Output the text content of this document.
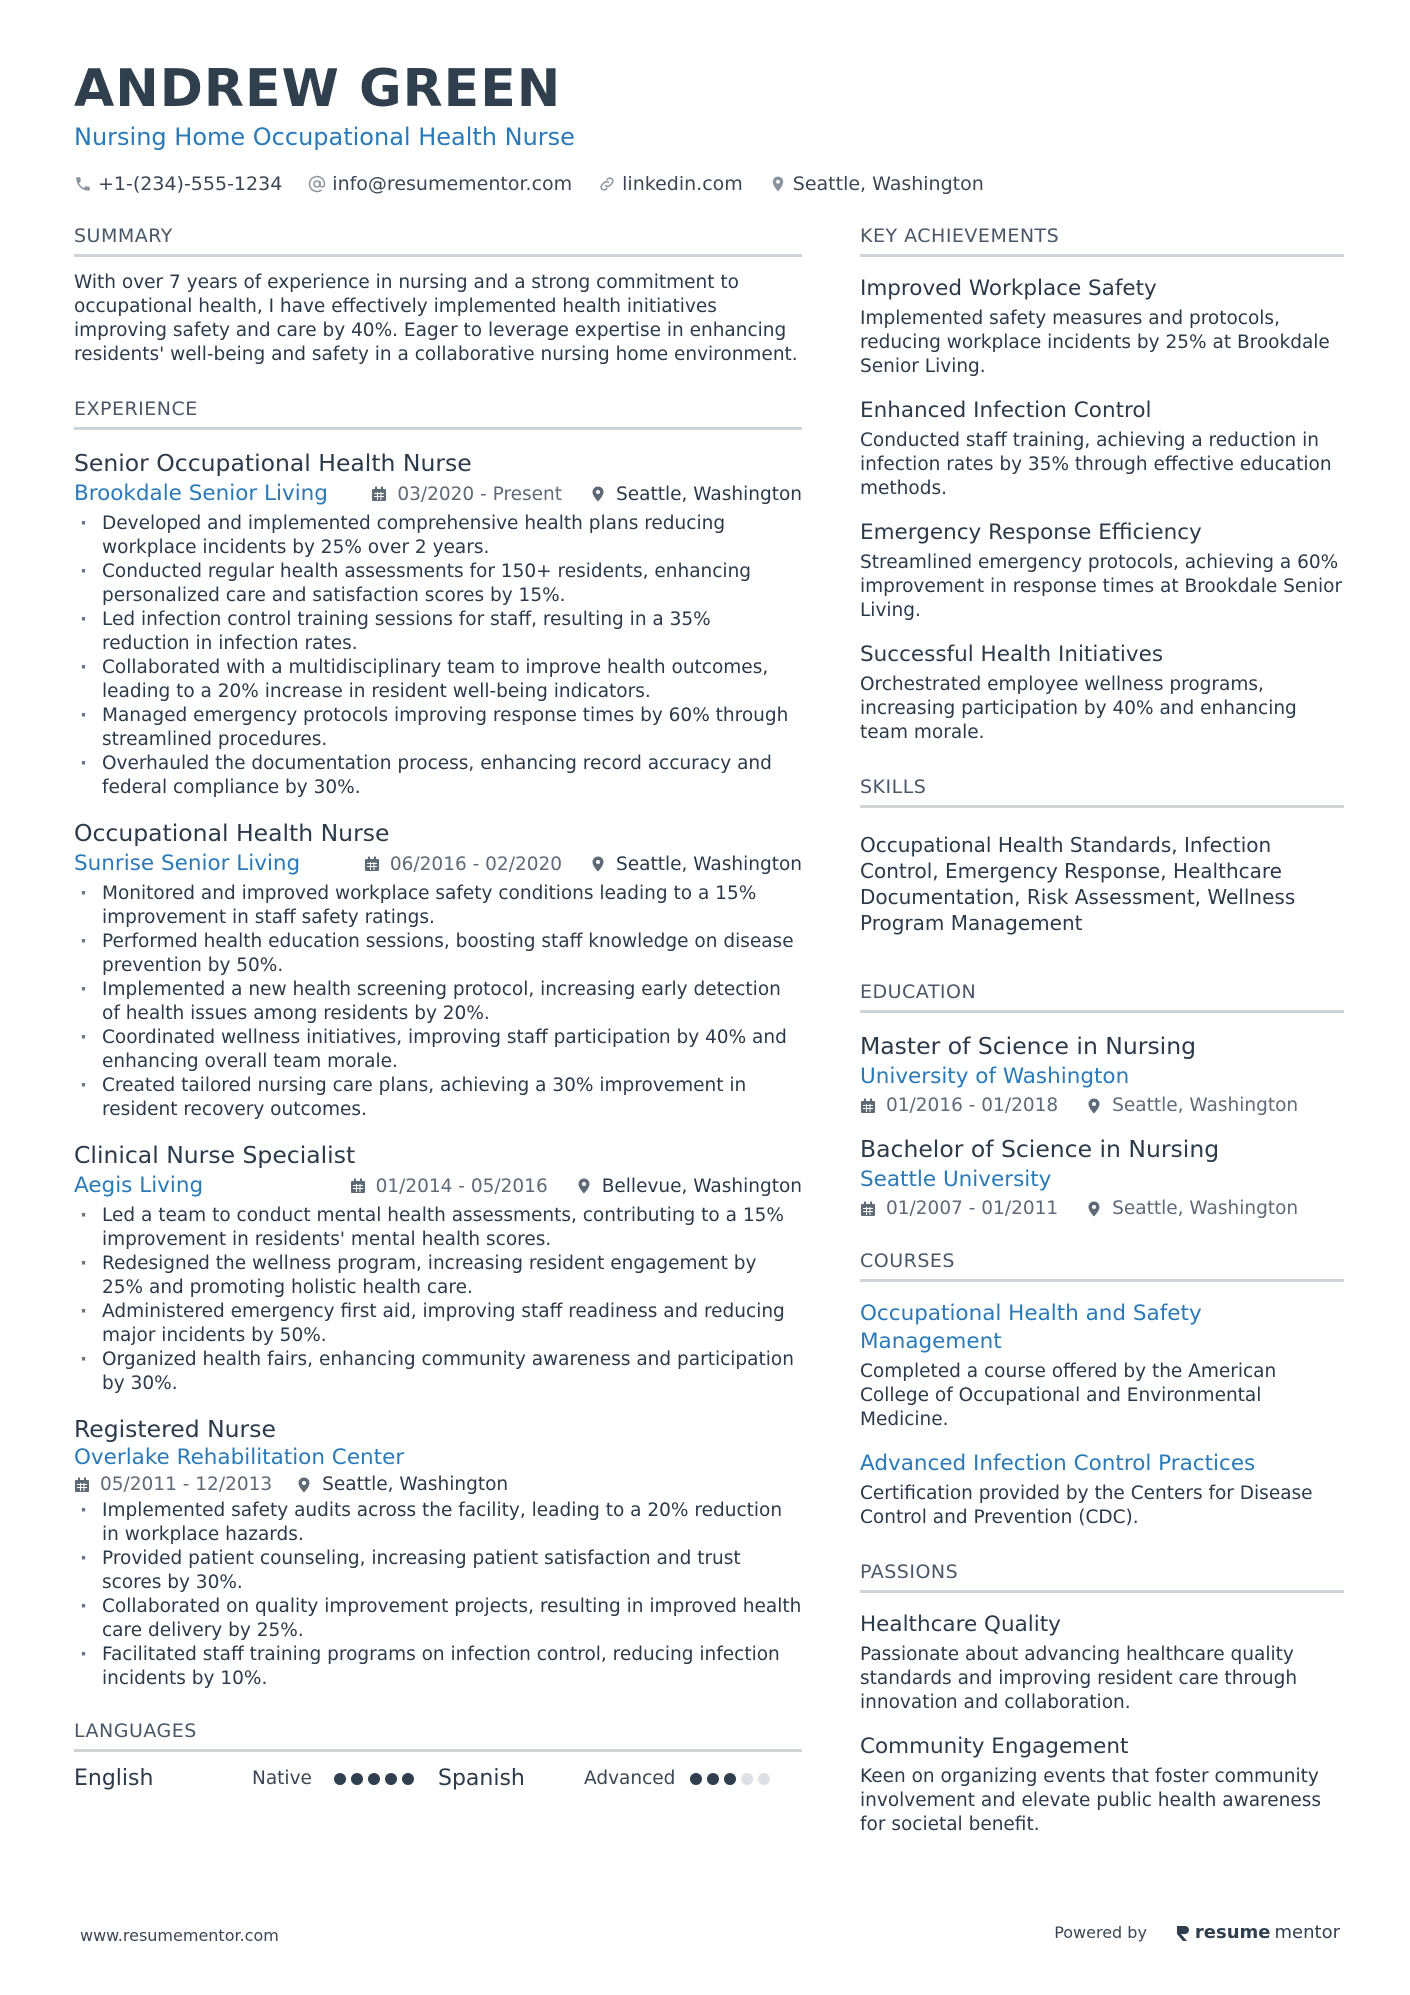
ANDREW GREEN
Nursing Home Occupational Health Nurse
+1-(234)-555-1234	info@resumementor.com	linkedin.com	Seattle, Washington
SUMMARY

With over 7 years of experience in nursing and a strong commitment to occupational health, I have effectively implemented health initiatives improving safety and care by 40%. Eager to leverage expertise in enhancing residents' well-being and safety in a collaborative nursing home environment.

EXPERIENCE
Senior Occupational Health Nurse
Brookdale Senior Living	03/2020 - Present	Seattle, Washington
· Developed and implemented comprehensive health plans reducing workplace incidents by 25% over 2 years.
· Conducted regular health assessments for 150+ residents, enhancing personalized care and satisfaction scores by 15%.
· Led infection control training sessions for staff, resulting in a 35% reduction in infection rates.
· Collaborated with a multidisciplinary team to improve health outcomes, leading to a 20% increase in resident well-being indicators.
· Managed emergency protocols improving response times by 60% through streamlined procedures.
· Overhauled the documentation process, enhancing record accuracy and federal compliance by 30%.
Occupational Health Nurse
Sunrise Senior Living	06/2016 - 02/2020	Seattle, Washington
· Monitored and improved workplace safety conditions leading to a 15% improvement in staff safety ratings.
· Performed health education sessions, boosting staff knowledge on disease prevention by 50%.
· Implemented a new health screening protocol, increasing early detection of health issues among residents by 20%.
· Coordinated wellness initiatives, improving staff participation by 40% and enhancing overall team morale.
· Created tailored nursing care plans, achieving a 30% improvement in resident recovery outcomes.
Clinical Nurse Specialist
Aegis Living	01/2014 - 05/2016	Bellevue, Washington
· Led a team to conduct mental health assessments, contributing to a 15% improvement in residents' mental health scores.
· Redesigned the wellness program, increasing resident engagement by 25% and promoting holistic health care.
· Administered emergency first aid, improving staff readiness and reducing major incidents by 50%.
· Organized health fairs, enhancing community awareness and participation by 30%.
Registered Nurse
Overlake Rehabilitation Center
05/2011 - 12/2013	Seattle, Washington
· Implemented safety audits across the facility, leading to a 20% reduction in workplace hazards.
· Provided patient counseling, increasing patient satisfaction and trust scores by 30%.
· Collaborated on quality improvement projects, resulting in improved health care delivery by 25%.
· Facilitated staff training programs on infection control, reducing infection incidents by 10%.
LANGUAGES
English	Native	Spanish	Advanced
KEY ACHIEVEMENTS
Improved Workplace Safety
Implemented safety measures and protocols, reducing workplace incidents by 25% at Brookdale Senior Living.
Enhanced Infection Control
Conducted staff training, achieving a reduction in infection rates by 35% through effective education methods.
Emergency Response Efficiency
Streamlined emergency protocols, achieving a 60% improvement in response times at Brookdale Senior Living.
Successful Health Initiatives
Orchestrated employee wellness programs, increasing participation by 40% and enhancing team morale.
SKILLS

Occupational Health Standards, Infection Control, Emergency Response, Healthcare Documentation, Risk Assessment, Wellness Program Management

EDUCATION
Master of Science in Nursing
University of Washington
01/2016 - 01/2018	Seattle, Washington
Bachelor of Science in Nursing
Seattle University
01/2007 - 01/2011	Seattle, Washington
COURSES
Occupational Health and Safety Management
Completed a course offered by the American College of Occupational and Environmental Medicine.
Advanced Infection Control Practices
Certification provided by the Centers for Disease Control and Prevention (CDC).
PASSIONS
Healthcare Quality
Passionate about advancing healthcare quality standards and improving resident care through innovation and collaboration.
Community Engagement
Keen on organizing events that foster community involvement and elevate public health awareness for societal benefit.
www.resumementor.com	Powered by	resume mentor
